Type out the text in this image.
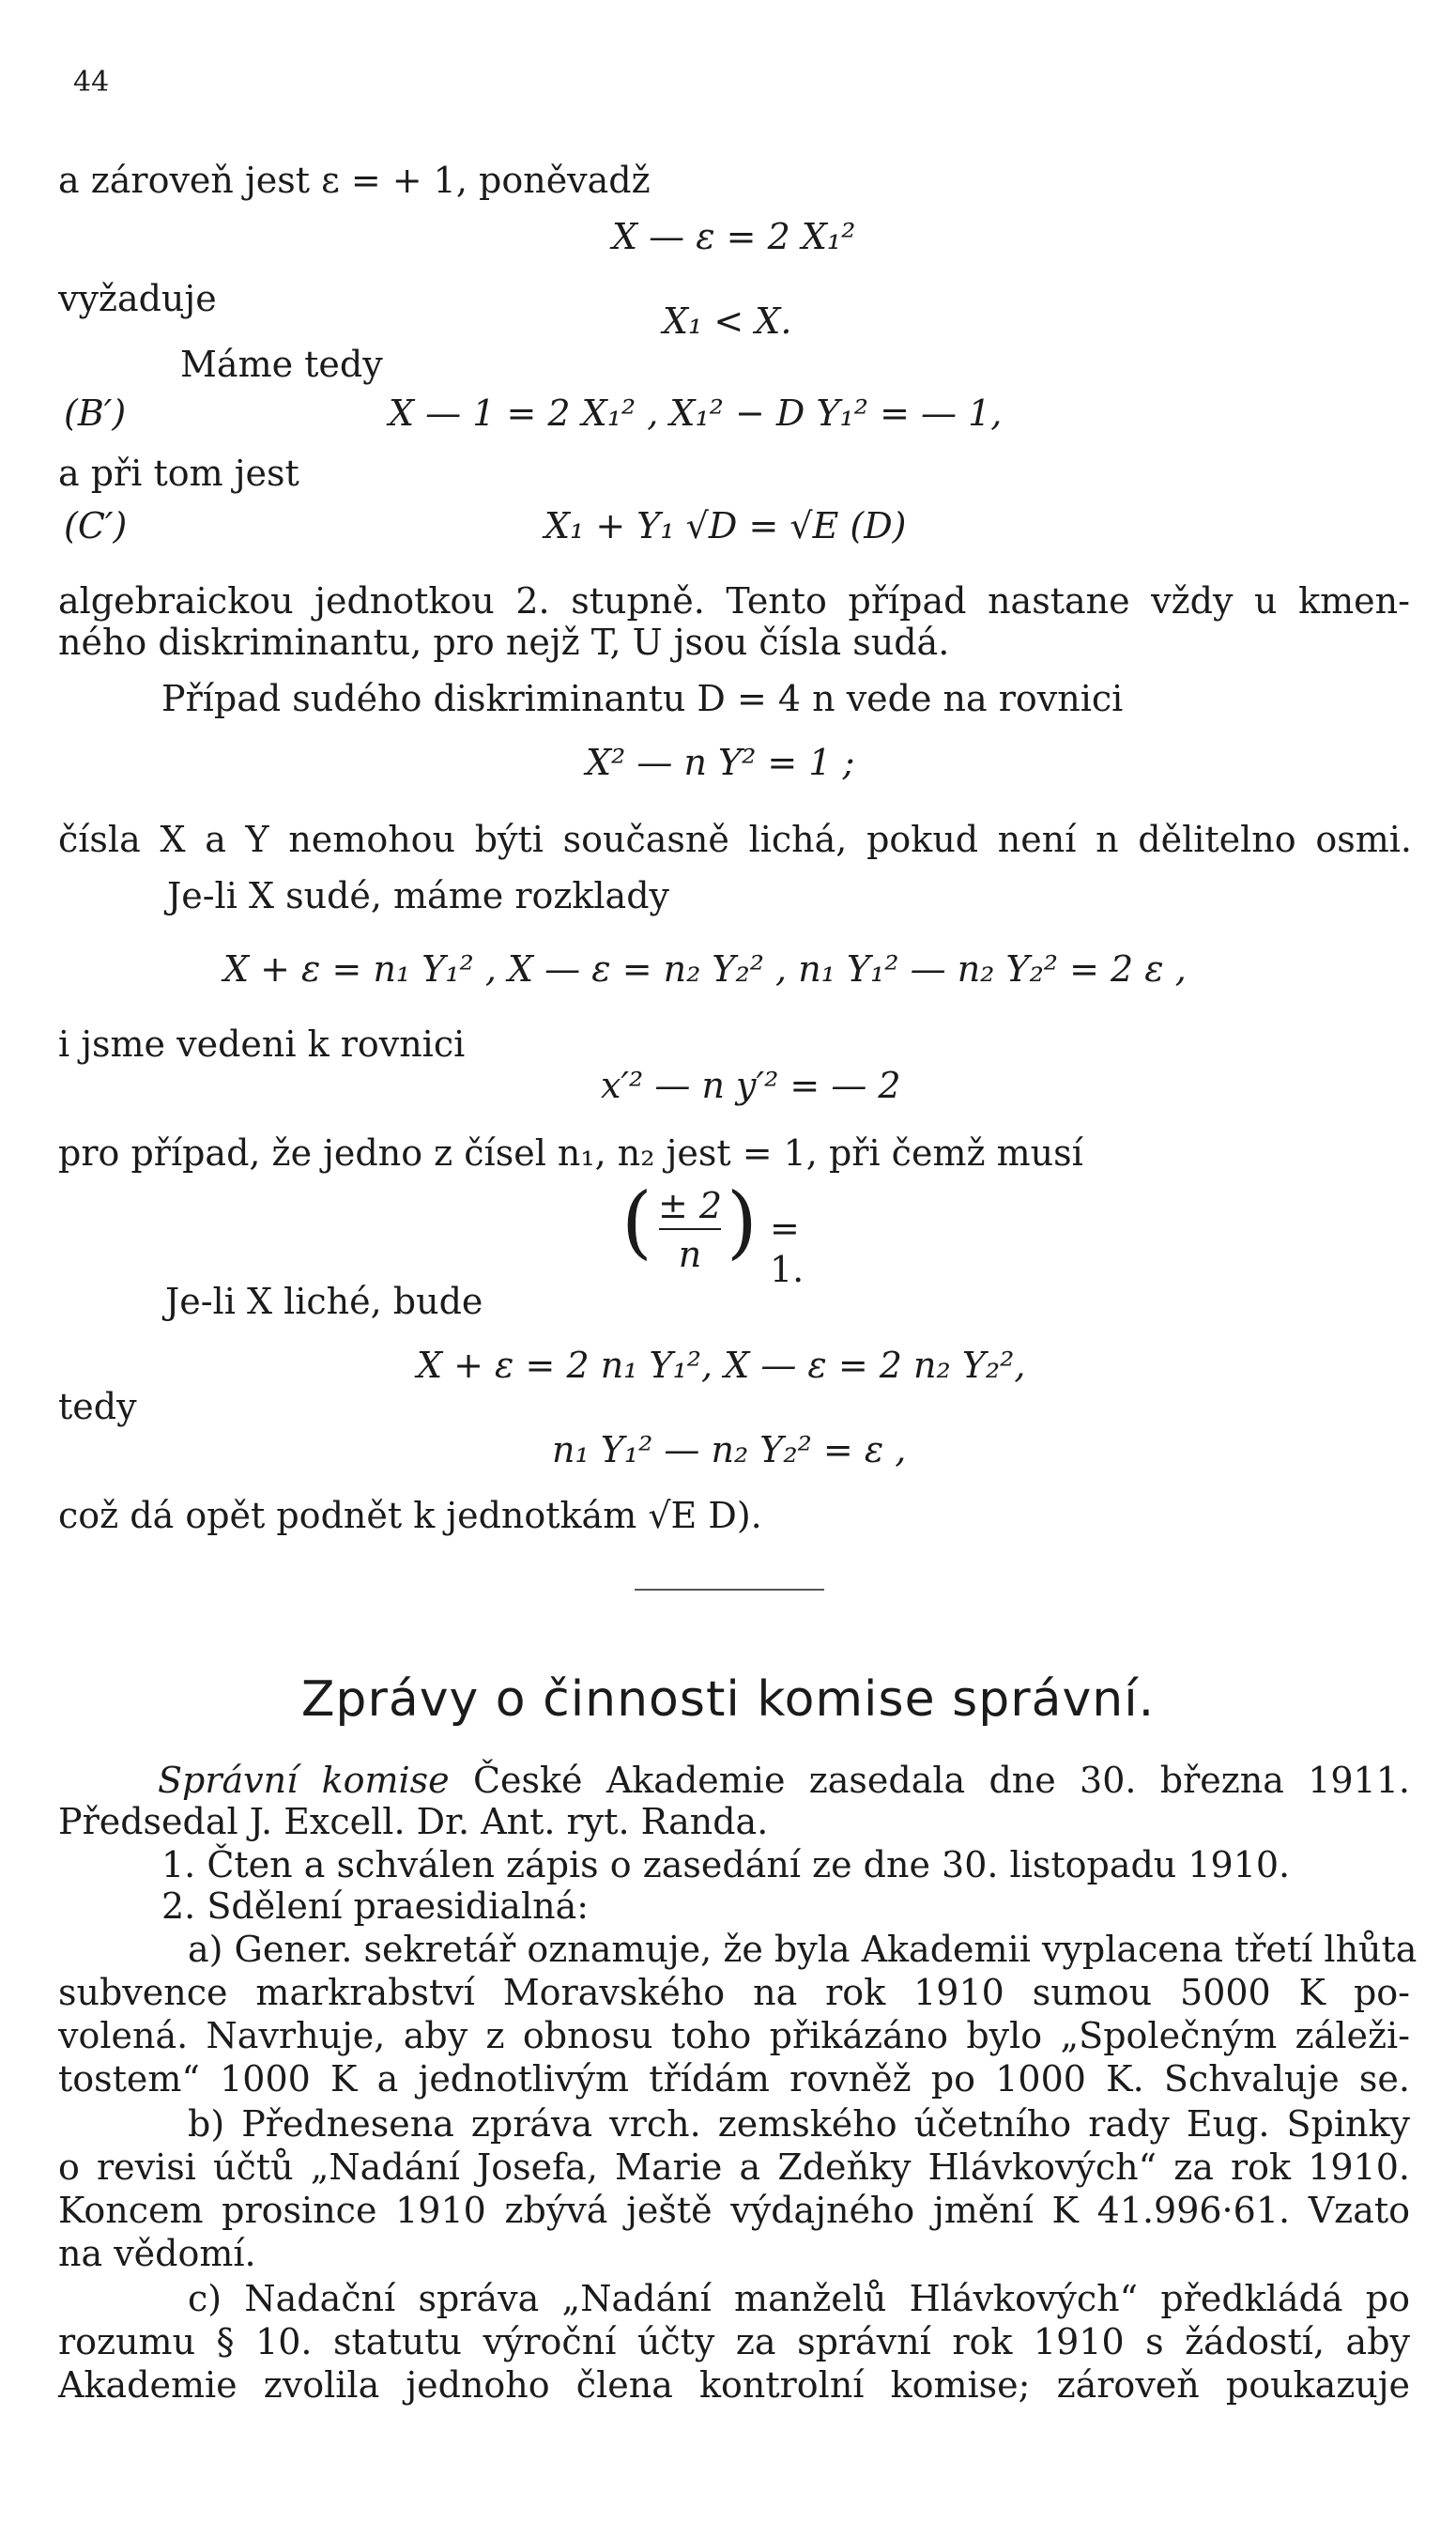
44
a zároveň jest ε = + 1, poněvadž
X — ε = 2 X₁²
vyžaduje
X₁ < X.
Máme tedy
(B′)	X — 1 = 2 X₁² , X₁² − D Y₁² = — 1,
a při tom jest
(C′)	X₁ + Y₁ √D = √E (D)
algebraickou jednotkou 2. stupně. Tento případ nastane vždy u kmen-
ného diskriminantu, pro nejž T, U jsou čísla sudá.
Případ sudého diskriminantu D = 4 n vede na rovnici
X² — n Y² = 1 ;
čísla X a Y nemohou býti současně lichá, pokud není n dělitelno osmi.
Je-li X sudé, máme rozklady
X + ε = n₁ Y₁² , X — ε = n₂ Y₂² , n₁ Y₁² — n₂ Y₂² = 2 ε ,
i jsme vedeni k rovnici
x′² — n y′² = — 2
pro případ, že jedno z čísel n₁, n₂ jest = 1, při čemž musí
( ± 2
n ) = 1.
Je-li X liché, bude
X + ε = 2 n₁ Y₁², X — ε = 2 n₂ Y₂²,
tedy
n₁ Y₁² — n₂ Y₂² = ε ,
což dá opět podnět k jednotkám √E D).
Zprávy o činnosti komise správní.
Správní komise České Akademie zasedala dne 30. března 1911.
Předsedal J. Excell. Dr. Ant. ryt. Randa.
1. Čten a schválen zápis o zasedání ze dne 30. listopadu 1910.
2. Sdělení praesidialná:
a) Gener. sekretář oznamuje, že byla Akademii vyplacena třetí lhůta
subvence markrabství Moravského na rok 1910 sumou 5000 K po-
volená. Navrhuje, aby z obnosu toho přikázáno bylo „Společným záleži-
tostem“ 1000 K a jednotlivým třídám rovněž po 1000 K. Schvaluje se.
b) Přednesena zpráva vrch. zemského účetního rady Eug. Spinky
o revisi účtů „Nadání Josefa, Marie a Zdeňky Hlávkových“ za rok 1910.
Koncem prosince 1910 zbývá ještě výdajného jmění K 41.996·61. Vzato
na vědomí.
c) Nadační správa „Nadání manželů Hlávkových“ předkládá po
rozumu § 10. statutu výroční účty za správní rok 1910 s žádostí, aby
Akademie zvolila jednoho člena kontrolní komise; zároveň poukazuje
